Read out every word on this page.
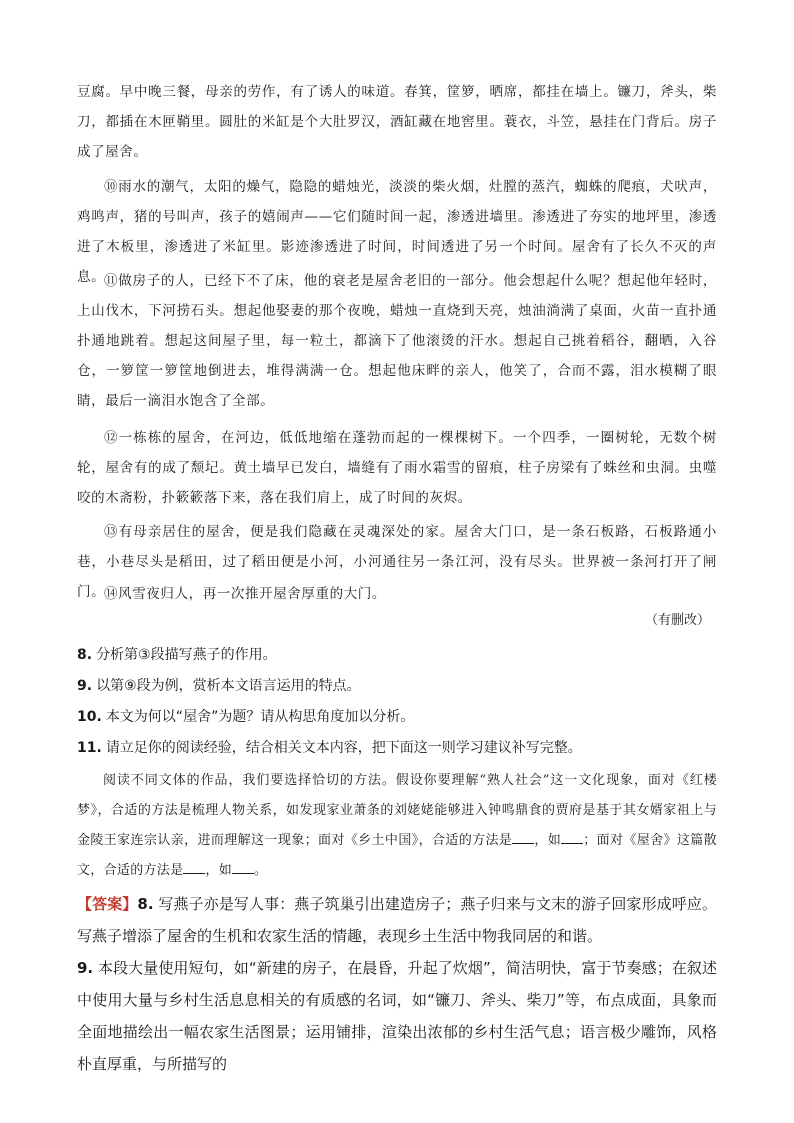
豆腐。早中晚三餐，母亲的劳作，有了诱人的味道。春箕，筐箩，晒席，都挂在墙上。镰刀，斧头，柴刀，都插在木匣鞘里。圆肚的米缸是个大肚罗汉，酒缸藏在地窖里。蓑衣，斗笠，悬挂在门背后。房子成了屋舍。

⑩雨水的潮气，太阳的燥气，隐隐的蜡烛光，淡淡的柴火烟，灶膛的蒸汽，蜘蛛的爬痕，犬吠声，鸡鸣声，猪的号叫声，孩子的嬉闹声——它们随时间一起，渗透进墙里。渗透进了夯实的地坪里，渗透进了木板里，渗透进了米缸里。影迹渗透进了时间，时间透进了另一个时间。屋舍有了长久不灭的声息。

⑪做房子的人，已经下不了床，他的衰老是屋舍老旧的一部分。他会想起什么呢？想起他年轻时，上山伐木，下河捞石头。想起他娶妻的那个夜晚，蜡烛一直烧到天亮，烛油淌满了桌面，火苗一直扑通扑通地跳着。想起这间屋子里，每一粒土，都滴下了他滚烫的汗水。想起自己挑着稻谷，翻晒，入谷仓，一箩筐一箩筐地倒进去，堆得满满一仓。想起他床畔的亲人，他笑了，合而不露，泪水模糊了眼睛，最后一滴泪水饱含了全部。

⑫一栋栋的屋舍，在河边，低低地缩在蓬勃而起的一棵棵树下。一个四季，一圈树轮，无数个树轮，屋舍有的成了颓圮。黄土墙早已发白，墙缝有了雨水霜雪的留痕，柱子房梁有了蛛丝和虫洞。虫噬咬的木斋粉，扑簌簌落下来，落在我们肩上，成了时间的灰烬。

⑬有母亲居住的屋舍，便是我们隐藏在灵魂深处的家。屋舍大门口，是一条石板路，石板路通小巷，小巷尽头是稻田，过了稻田便是小河，小河通往另一条江河，没有尽头。世界被一条河打开了闸门。

⑭风雪夜归人，再一次推开屋舍厚重的大门。

（有删改）

8. 分析第③段描写燕子的作用。

9. 以第⑨段为例，赏析本文语言运用的特点。

10. 本文为何以“屋舍”为题？请从构思角度加以分析。

11. 请立足你的阅读经验，结合相关文本内容，把下面这一则学习建议补写完整。

阅读不同文体的作品，我们要选择恰切的方法。假设你要理解“熟人社会”这一文化现象，面对《红楼梦》，合适的方法是梳理人物关系，如发现家业萧条的刘姥姥能够进入钟鸣鼎食的贾府是基于其女婿家祖上与金陵王家连宗认亲，进而理解这一现象；面对《乡土中国》，合适的方法是 ，如 ；面对《屋舍》这篇散文，合适的方法是 ，如 。

【答案】8. 写燕子亦是写人事：燕子筑巢引出建造房子；燕子归来与文末的游子回家形成呼应。写燕子增添了屋舍的生机和农家生活的情趣，表现乡土生活中物我同居的和谐。

9. 本段大量使用短句，如“新建的房子，在晨昏，升起了炊烟”，简洁明快，富于节奏感；在叙述中使用大量与乡村生活息息相关的有质感的名词，如“镰刀、斧头、柴刀”等，布点成面，具象而全面地描绘出一幅农家生活图景；运用铺排，渲染出浓郁的乡村生活气息；语言极少雕饰，风格朴直厚重，与所描写的
